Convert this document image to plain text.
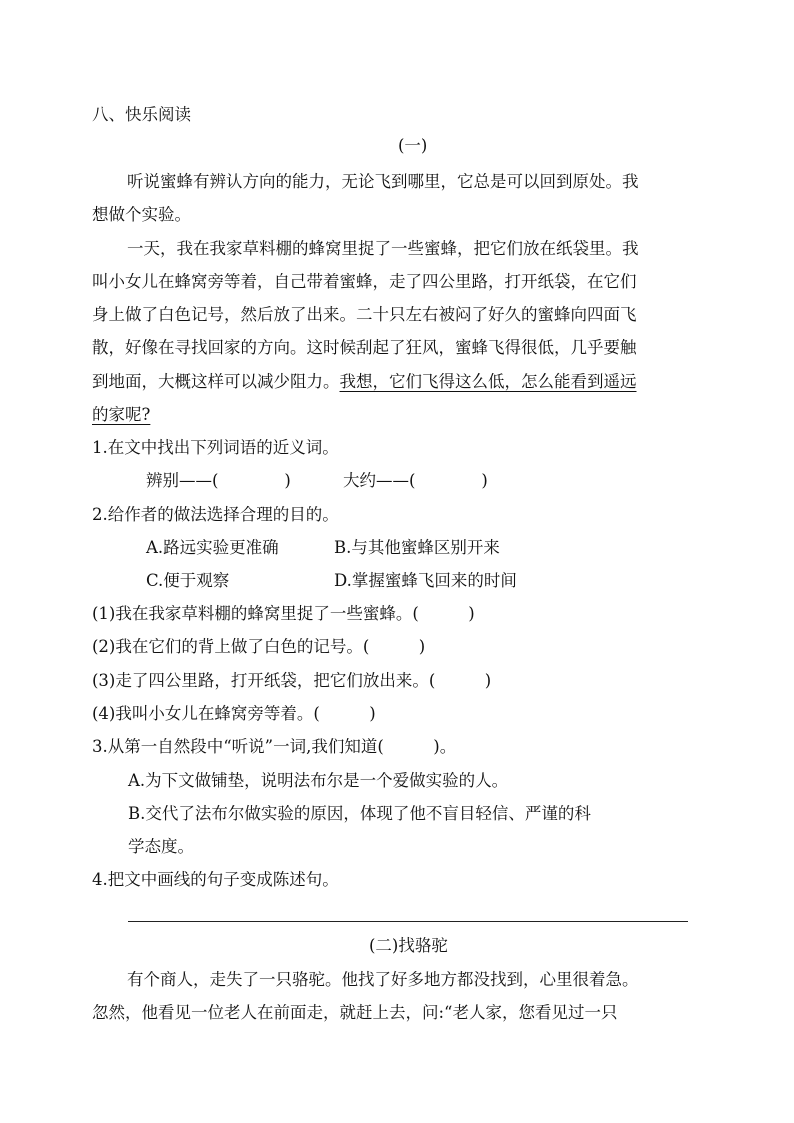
八、快乐阅读
(一)
听说蜜蜂有辨认方向的能力，无论飞到哪里，它总是可以回到原处。我
想做个实验。
一天，我在我家草料棚的蜂窝里捉了一些蜜蜂，把它们放在纸袋里。我
叫小女儿在蜂窝旁等着，自己带着蜜蜂，走了四公里路，打开纸袋，在它们
身上做了白色记号，然后放了出来。二十只左右被闷了好久的蜜蜂向四面飞
散，好像在寻找回家的方向。这时候刮起了狂风，蜜蜂飞得很低，几乎要触
到地面，大概这样可以减少阻力。我想，它们飞得这么低，怎么能看到遥远
的家呢?
1.在文中找出下列词语的近义词。
辨别——(　　　　)	大约——(　　　　)
2.给作者的做法选择合理的目的。
A.路远实验更准确	B.与其他蜜蜂区别开来
C.便于观察	D.掌握蜜蜂飞回来的时间
(1)我在我家草料棚的蜂窝里捉了一些蜜蜂。(　　　)
(2)我在它们的背上做了白色的记号。(　　　)
(3)走了四公里路，打开纸袋，把它们放出来。(　　　)
(4)我叫小女儿在蜂窝旁等着。(　　　)
3.从第一自然段中“听说”一词,我们知道(　　　)。
A.为下文做铺垫，说明法布尔是一个爱做实验的人。
B.交代了法布尔做实验的原因，体现了他不盲目轻信、严谨的科
学态度。
4.把文中画线的句子变成陈述句。
(二)找骆驼
有个商人，走失了一只骆驼。他找了好多地方都没找到，心里很着急。
忽然，他看见一位老人在前面走，就赶上去，问:“老人家，您看见过一只
